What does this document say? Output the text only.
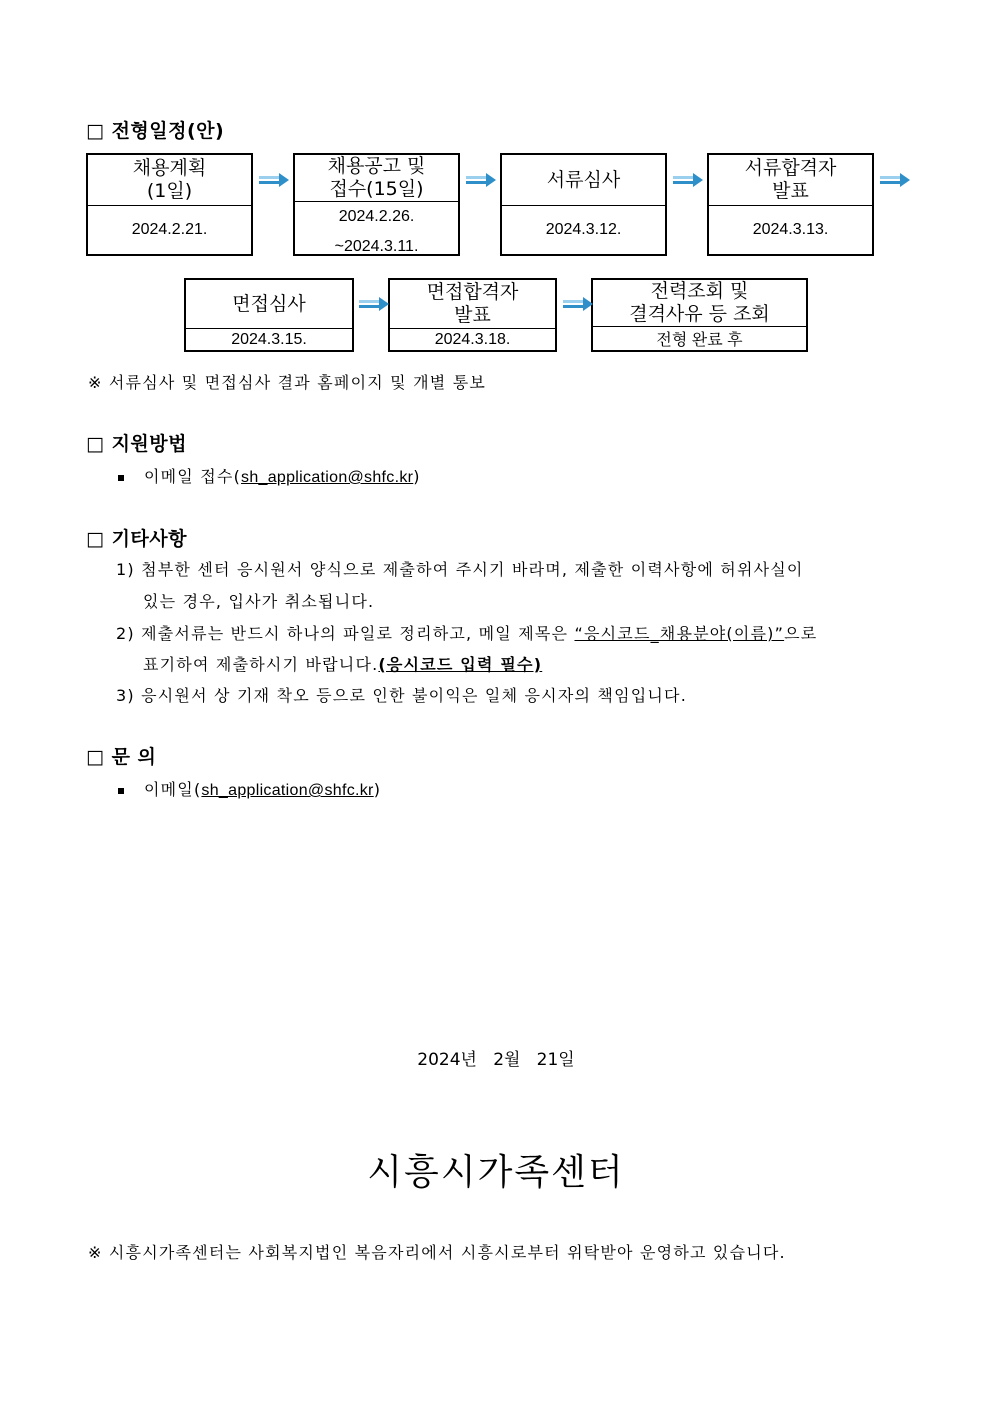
□ 전형일정(안)
채용계획
(1일)
2024.2.21.
채용공고 및
접수(15일)
2024.2.26.
~2024.3.11.
서류심사
2024.3.12.
서류합격자
발표
2024.3.13.
면접심사
2024.3.15.
면접합격자
발표
2024.3.18.
전력조회 및
결격사유 등 조회
전형 완료 후
※ 서류심사 및 면접심사 결과 홈페이지 및 개별 통보
□ 지원방법
이메일 접수(sh_application@shfc.kr)
□ 기타사항
1) 첨부한 센터 응시원서 양식으로 제출하여 주시기 바라며, 제출한 이력사항에 허위사실이
있는 경우, 입사가 취소됩니다.
2) 제출서류는 반드시 하나의 파일로 정리하고, 메일 제목은 “응시코드_채용분야(이름)”으로
표기하여 제출하시기 바랍니다.(응시코드 입력 필수)
3) 응시원서 상 기재 착오 등으로 인한 불이익은 일체 응시자의 책임입니다.
□ 문 의
이메일(sh_application@shfc.kr)
2024년   2월   21일
시흥시가족센터
※ 시흥시가족센터는 사회복지법인 복음자리에서 시흥시로부터 위탁받아 운영하고 있습니다.
